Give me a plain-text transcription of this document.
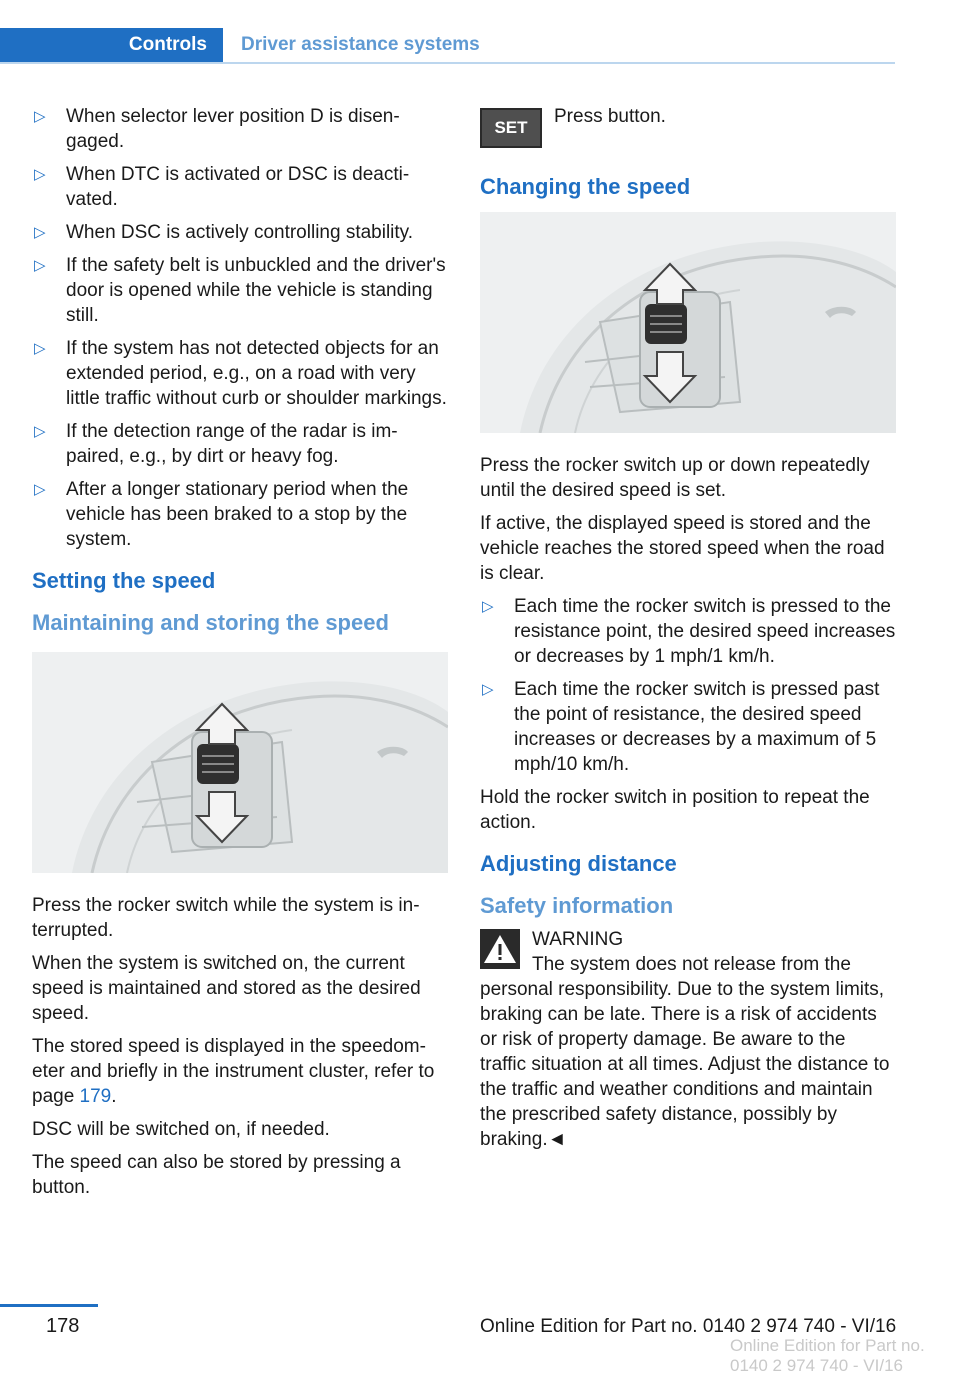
Controls	Driver assistance systems
▷ When selector lever position D is disengaged.
▷ When DTC is activated or DSC is deactivated.
▷ When DSC is actively controlling stability.
▷ If the safety belt is unbuckled and the driver's door is opened while the vehicle is standing still.
▷ If the system has not detected objects for an extended period, e.g., on a road with very little traffic without curb or shoulder markings.
▷ If the detection range of the radar is impaired, e.g., by dirt or heavy fog.
▷ After a longer stationary period when the vehicle has been braked to a stop by the system.
Setting the speed
Maintaining and storing the speed

Press the rocker switch while the system is interrupted.

When the system is switched on, the current speed is maintained and stored as the desired speed.

The stored speed is displayed in the speedometer and briefly in the instrument cluster, refer to page 179.

DSC will be switched on, if needed.

The speed can also be stored by pressing a button.

SET
Press button.
Changing the speed

Press the rocker switch up or down repeatedly until the desired speed is set.

If active, the displayed speed is stored and the vehicle reaches the stored speed when the road is clear.

▷ Each time the rocker switch is pressed to the resistance point, the desired speed increases or decreases by 1 mph/1 km/h.
▷ Each time the rocker switch is pressed past the point of resistance, the desired speed increases or decreases by a maximum of 5 mph/10 km/h.

Hold the rocker switch in position to repeat the action.

Adjusting distance
Safety information
WARNING
The system does not release from the
personal responsibility. Due to the system limits, braking can be late. There is a risk of accidents or risk of property damage. Be aware to the traffic situation at all times. Adjust the distance to the traffic and weather conditions and maintain the prescribed safety distance, possibly by braking.◄
178	Online Edition for Part no. 0140 2 974 740 - VI/16
Online Edition for Part no. 0140 2 974 740 - VI/16
